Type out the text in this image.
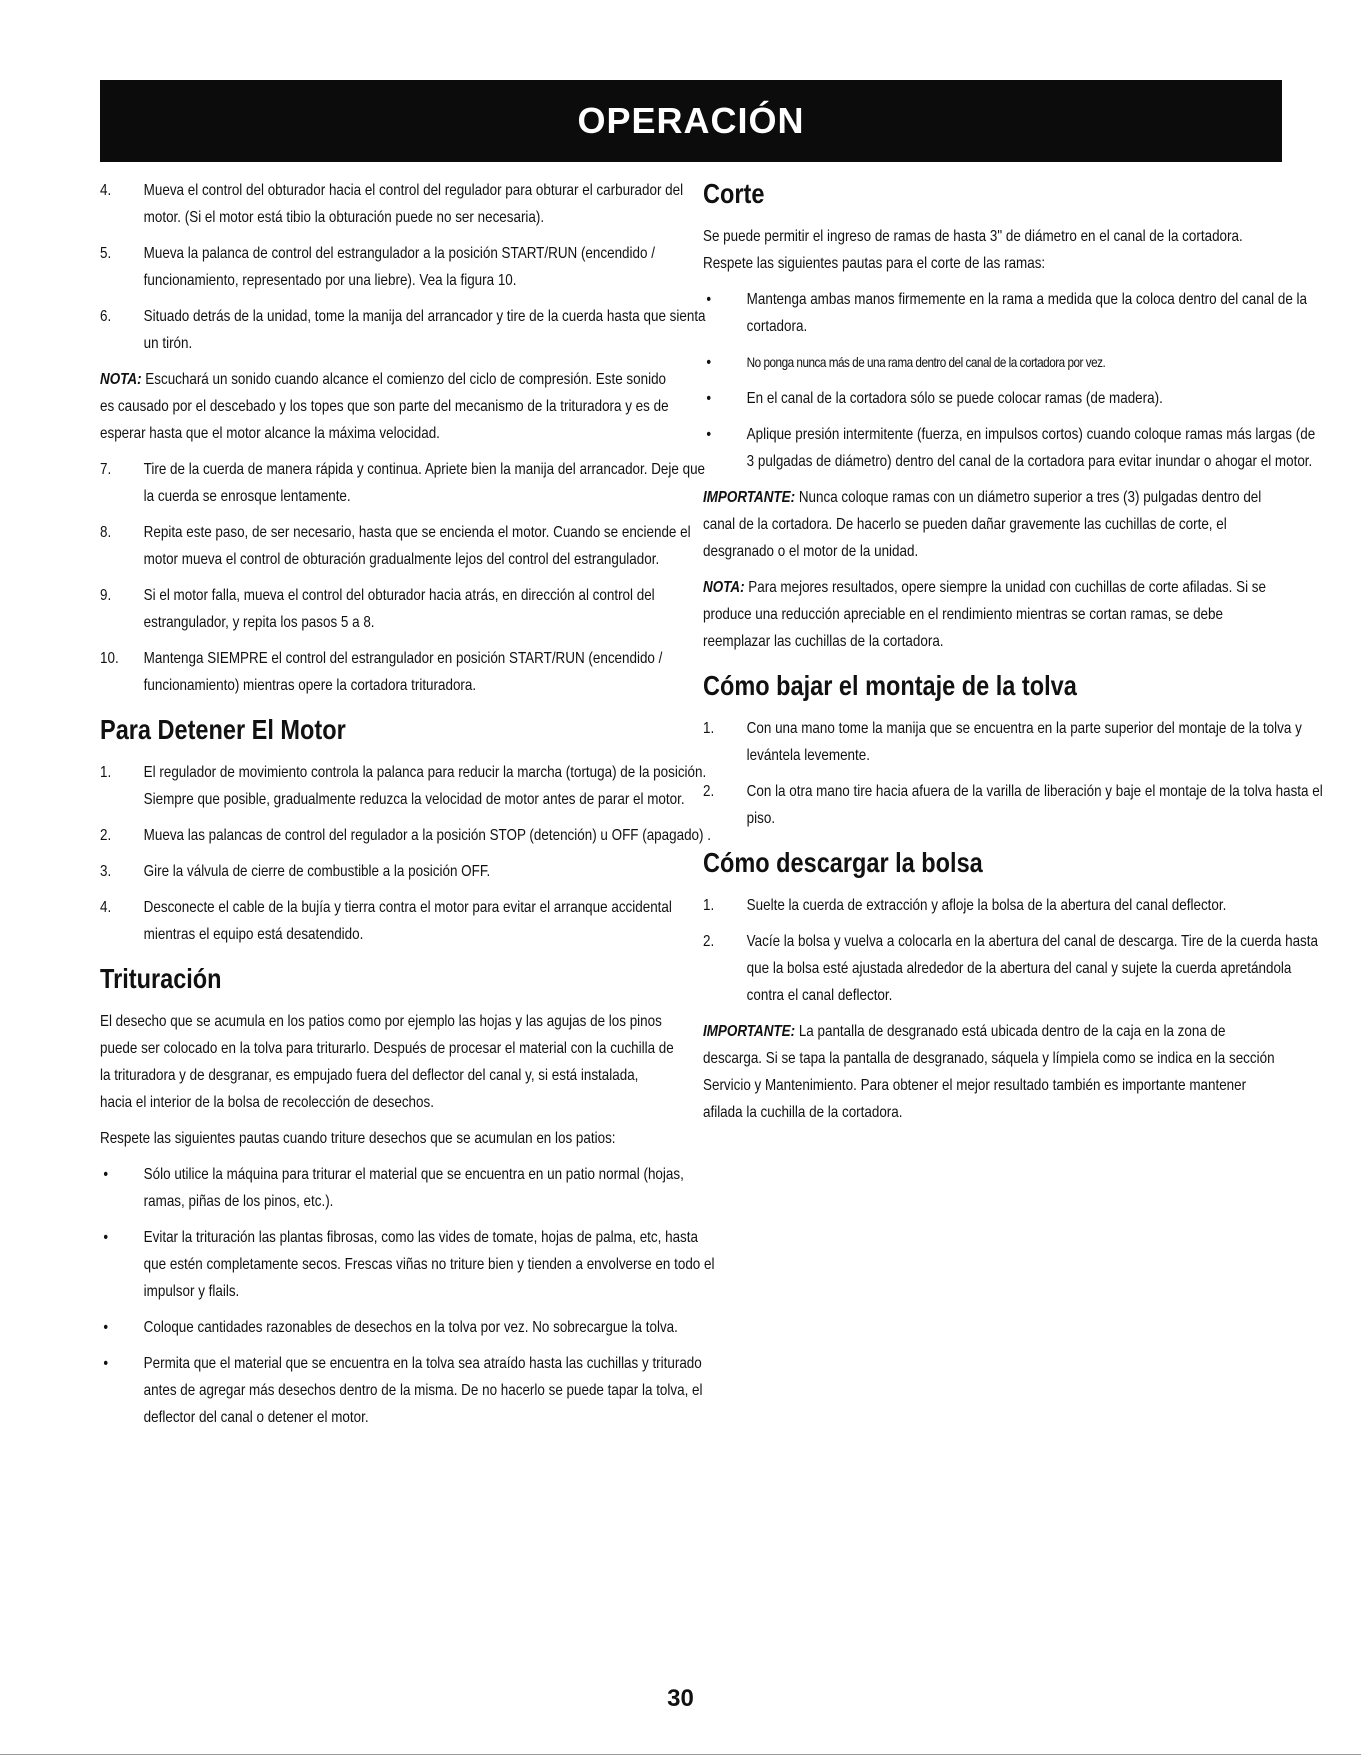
OPERACIÓN
4. Mueva el control del obturador hacia el control del regulador para obturar el carburador del motor. (Si el motor está tibio la obturación puede no ser necesaria).
5. Mueva la palanca de control del estrangulador a la posición START/RUN (encendido / funcionamiento, representado por una liebre). Vea la figura 10.
6. Situado detrás de la unidad, tome la manija del arrancador y tire de la cuerda hasta que sienta un tirón.

NOTA: Escuchará un sonido cuando alcance el comienzo del ciclo de compresión. Este sonido es causado por el descebado y los topes que son parte del mecanismo de la trituradora y es de esperar hasta que el motor alcance la máxima velocidad.

7. Tire de la cuerda de manera rápida y continua. Apriete bien la manija del arrancador. Deje que la cuerda se enrosque lentamente.
8. Repita este paso, de ser necesario, hasta que se encienda el motor. Cuando se enciende el motor mueva el control de obturación gradualmente lejos del control del estrangulador.
9. Si el motor falla, mueva el control del obturador hacia atrás, en dirección al control del estrangulador, y repita los pasos 5 a 8.
10. Mantenga SIEMPRE el control del estrangulador en posición START/RUN (encendido / funcionamiento) mientras opere la cortadora trituradora.
Para Detener El Motor
1. El regulador de movimiento controla la palanca para reducir la marcha (tortuga) de la posición. Siempre que posible, gradualmente reduzca la velocidad de motor antes de parar el motor.
2. Mueva las palancas de control del regulador a la posición STOP (detención) u OFF (apagado) .
3. Gire la válvula de cierre de combustible a la posición OFF.
4. Desconecte el cable de la bujía y tierra contra el motor para evitar el arranque accidental mientras el equipo está desatendido.
Trituración

El desecho que se acumula en los patios como por ejemplo las hojas y las agujas de los pinos puede ser colocado en la tolva para triturarlo. Después de procesar el material con la cuchilla de la trituradora y de desgranar, es empujado fuera del deflector del canal y, si está instalada, hacia el interior de la bolsa de recolección de desechos.

Respete las siguientes pautas cuando triture desechos que se acumulan en los patios:

• Sólo utilice la máquina para triturar el material que se encuentra en un patio normal (hojas, ramas, piñas de los pinos, etc.).
• Evitar la trituración las plantas fibrosas, como las vides de tomate, hojas de palma, etc, hasta que estén completamente secos. Frescas viñas no triture bien y tienden a envolverse en todo el impulsor y flails.
• Coloque cantidades razonables de desechos en la tolva por vez. No sobrecargue la tolva.
• Permita que el material que se encuentra en la tolva sea atraído hasta las cuchillas y triturado antes de agregar más desechos dentro de la misma. De no hacerlo se puede tapar la tolva, el deflector del canal o detener el motor.
Corte

Se puede permitir el ingreso de ramas de hasta 3" de diámetro en el canal de la cortadora. Respete las siguientes pautas para el corte de las ramas:

• Mantenga ambas manos firmemente en la rama a medida que la coloca dentro del canal de la cortadora.
•	No ponga nunca más de una rama dentro del canal de la cortadora por vez.
• En el canal de la cortadora sólo se puede colocar ramas (de madera).
• Aplique presión intermitente (fuerza, en impulsos cortos) cuando coloque ramas más largas (de 3 pulgadas de diámetro) dentro del canal de la cortadora para evitar inundar o ahogar el motor.

IMPORTANTE: Nunca coloque ramas con un diámetro superior a tres (3) pulgadas dentro del canal de la cortadora. De hacerlo se pueden dañar gravemente las cuchillas de corte, el desgranado o el motor de la unidad.

NOTA: Para mejores resultados, opere siempre la unidad con cuchillas de corte afiladas. Si se produce una reducción apreciable en el rendimiento mientras se cortan ramas, se debe reemplazar las cuchillas de la cortadora.

Cómo bajar el montaje de la tolva
1. Con una mano tome la manija que se encuentra en la parte superior del montaje de la tolva y levántela levemente.
2. Con la otra mano tire hacia afuera de la varilla de liberación y baje el montaje de la tolva hasta el piso.
Cómo descargar la bolsa
1. Suelte la cuerda de extracción y afloje la bolsa de la abertura del canal deflector.
2. Vacíe la bolsa y vuelva a colocarla en la abertura del canal de descarga. Tire de la cuerda hasta que la bolsa esté ajustada alrededor de la abertura del canal y sujete la cuerda apretándola contra el canal deflector.

IMPORTANTE: La pantalla de desgranado está ubicada dentro de la caja en la zona de descarga. Si se tapa la pantalla de desgranado, sáquela y límpiela como se indica en la sección Servicio y Mantenimiento. Para obtener el mejor resultado también es importante mantener afilada la cuchilla de la cortadora.

30
